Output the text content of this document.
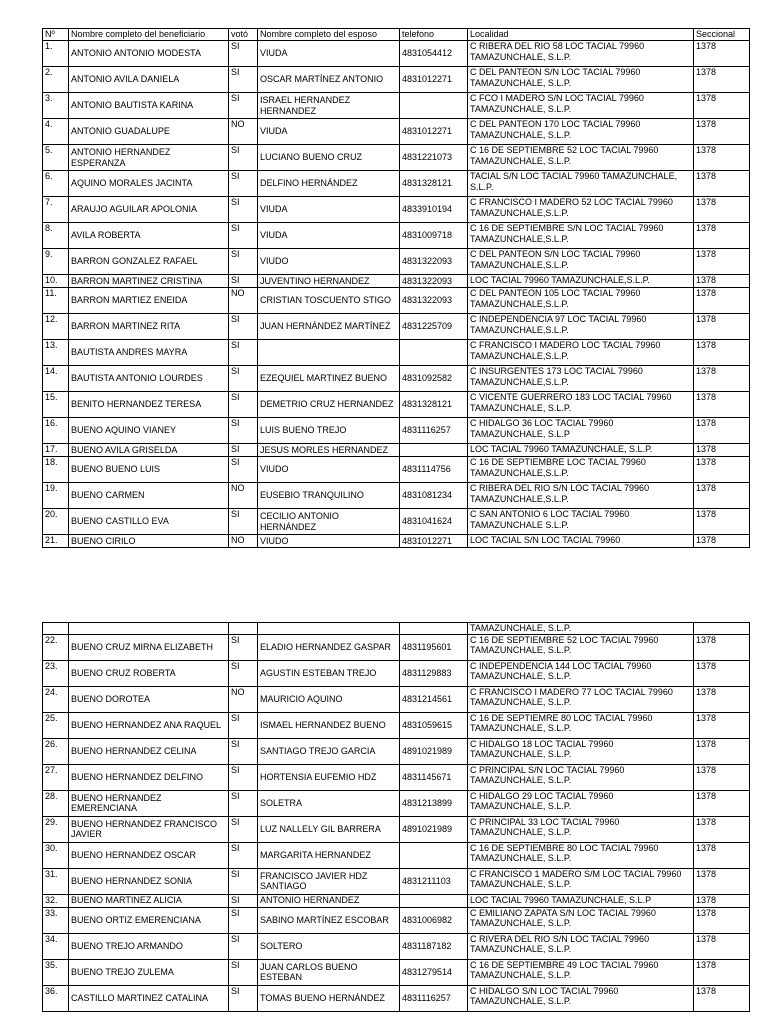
Nº	Nombre completo del beneficiario	votó	Nombre completo del esposo	telefono	Localidad	Seccional
1.	ANTONIO ANTONIO MODESTA	SI	VIUDA	4831054412	C RIBERA DEL RIO 58 LOC TACIAL 79960 TAMAZUNCHALE, S.L.P.	1378
2.	ANTONIO AVILA DANIELA	SI	OSCAR MARTÍNEZ ANTONIO	4831012271	C DEL PANTEON S/N LOC TACIAL 79960 TAMAZUNCHALE, S.L.P.	1378
3.	ANTONIO BAUTISTA KARINA	SI	ISRAEL HERNANDEZ HERNANDEZ		C FCO I MADERO S/N LOC TACIAL 79960 TAMAZUNCHALE, S.L.P.	1378
4.	ANTONIO GUADALUPE	NO	VIUDA	4831012271	C DEL PANTEON 170 LOC TACIAL 79960 TAMAZUNCHALE, S.L.P.	1378
5.	ANTONIO HERNANDEZ ESPERANZA	SI	LUCIANO BUENO CRUZ	4831221073	C 16 DE SEPTIEMBRE 52 LOC TACIAL 79960 TAMAZUNCHALE, S.L.P.	1378
6.	AQUINO MORALES JACINTA	SI	DELFINO HERNÁNDEZ	4831328121	TACIAL S/N LOC TACIAL 79960 TAMAZUNCHALE, S.L.P.	1378
7.	ARAUJO AGUILAR APOLONIA	SI	VIUDA	4833910194	C FRANCISCO I MADERO 52 LOC TACIAL 79960 TAMAZUNCHALE,S.L.P.	1378
8.	AVILA ROBERTA	SI	VIUDA	4831009718	C 16 DE SEPTIEMBRE S/N LOC TACIAL 79960 TAMAZUNCHALE,S.L.P.	1378
9.	BARRON GONZALEZ RAFAEL	SI	VIUDO	4831322093	C DEL PANTEON S/N LOC TACIAL 79960 TAMAZUNCHALE,S.L.P.	1378
10.	BARRON MARTINEZ CRISTINA	SI	JUVENTINO HERNANDEZ	4831322093	LOC TACIAL 79960 TAMAZUNCHALE,S.L.P.	1378
11.	BARRON MARTIEZ ENEIDA	NO	CRISTIAN TOSCUENTO STIGO	4831322093	C DEL PANTEON 105 LOC TACIAL 79960 TAMAZUNCHALE,S.L.P.	1378
12.	BARRON MARTINEZ RITA	SI	JUAN HERNÁNDEZ MARTÍNEZ	4831225709	C INDEPENDENCIA 97 LOC TACIAL 79960 TAMAZUNCHALE,S.L.P.	1378
13.	BAUTISTA ANDRES MAYRA	SI			C FRANCISCO I MADERO LOC TACIAL 79960 TAMAZUNCHALE,S.L.P.	1378
14.	BAUTISTA ANTONIO LOURDES	SI	EZEQUIEL MARTINEZ BUENO	4831092582	C INSURGENTES 173 LOC TACIAL 79960 TAMAZUNCHALE,S.L.P.	1378
15.	BENITO HERNANDEZ TERESA	SI	DEMETRIO CRUZ HERNANDEZ	4831328121	C VICENTE GUERRERO 183 LOC TACIAL 79960 TAMAZUNCHALE, S.L.P.	1378
16.	BUENO AQUINO VIANEY	SI	LUIS BUENO TREJO	4831116257	C HIDALGO 36 LOC TACIAL 79960 TAMAZUNCHALE, S.L.P	1378
17.	BUENO AVILA GRISELDA	SI	JESUS MORLES HERNANDEZ		LOC TACIAL 79960 TAMAZUNCHALE, S.L.P.	1378
18.	BUENO BUENO LUIS	SI	VIUDO	4831114756	C 16 DE SEPTIEMBRE LOC TACIAL 79960 TAMAZUNCHALE,S.L.P.	1378
19.	BUENO CARMEN	NO	EUSEBIO TRANQUILINO	4831081234	C RIBERA DEL RIO S/N LOC TACIAL 79960 TAMAZUNCHALE,S.L.P.	1378
20.	BUENO CASTILLO EVA	SI	CECILIO ANTONIO HERNÁNDEZ	4831041624	C SAN ANTONIO 6 LOC TACIAL 79960 TAMAZUNCHALE S.L.P.	1378
21.	BUENO CIRILO	NO	VIUDO	4831012271	LOC TACIAL S/N LOC TACIAL 79960	1378
					TAMAZUNCHALE, S.L.P.	
22.	BUENO CRUZ MIRNA ELIZABETH	SI	ELADIO HERNANDEZ GASPAR	4831195601	C 16 DE SEPTIEMBRE 52 LOC TACIAL 79960 TAMAZUNCHALE, S.L.P.	1378
23.	BUENO CRUZ ROBERTA	SI	AGUSTIN ESTEBAN TREJO	4831129883	C INDEPENDENCIA 144 LOC TACIAL 79960 TAMAZUNCHALE, S.L.P.	1378
24.	BUENO DOROTEA	NO	MAURICIO AQUINO	4831214561	C FRANCISCO I MADERO 77 LOC TACIAL 79960 TAMAZUNCHALE, S.L.P.	1378
25.	BUENO HERNANDEZ ANA RAQUEL	SI	ISMAEL HERNANDEZ BUENO	4831059615	C 16 DE SEPTIEMRE 80 LOC TACIAL 79960 TAMAZUNCHALE, S.L.P.	1378
26.	BUENO HERNANDEZ CELINA	SI	SANTIAGO TREJO GARCIA	4891021989	C HIDALGO 18 LOC TACIAL 79960 TAMAZUNCHALE, S.L.P.	1378
27.	BUENO HERNANDEZ DELFINO	SI	HORTENSIA EUFEMIO HDZ	4831145671	C PRINCIPAL S/N LOC TACIAL 79960 TAMAZUNCHALE, S.L.P.	1378
28.	BUENO HERNANDEZ EMERENCIANA	SI	SOLETRA	4831213899	C HIDALGO 29 LOC TACIAL 79960 TAMAZUNCHALE, S.L.P.	1378
29.	BUENO HERNANDEZ FRANCISCO JAVIER	SI	LUZ NALLELY GIL BARRERA	4891021989	C PRINCIPAL 33 LOC TACIAL 79960 TAMAZUNCHALE, S.L.P.	1378
30.	BUENO HERNANDEZ OSCAR	SI	MARGARITA HERNANDEZ		C 16 DE SEPTIEMBRE 80 LOC TACIAL 79960 TAMAZUNCHALE, S.L.P.	1378
31.	BUENO HERNANDEZ SONIA	SI	FRANCISCO JAVIER HDZ SANTIAGO	4831211103	C FRANCISCO 1 MADERO S/M LOC TACIAL 79960 TAMAZUNCHALE, S.L.P.	1378
32.	BUENO MARTINEZ ALICIA	SI	ANTONIO HERNANDEZ		LOC TACIAL 79960 TAMAZUNCHALE, S.L.P	1378
33.	BUENO ORTIZ EMERENCIANA	SI	SABINO MARTÍNEZ ESCOBAR	4831006982	C EMILIANO ZAPATA S/N LOC TACIAL 79960 TAMAZUNCHALE, S.L.P.	1378
34.	BUENO TREJO ARMANDO	SI	SOLTERO	4831187182	C RIVERA DEL RIO S/N LOC TACIAL 79960 TAMAZUNCHALE, S.L.P.	1378
35.	BUENO TREJO ZULEMA	SI	JUAN CARLOS BUENO ESTEBAN	4831279514	C 16 DE SEPTIEMBRE 49 LOC TACIAL 79960 TAMAZUNCHALE, S.L.P.	1378
36.	CASTILLO MARTINEZ CATALINA	SI	TOMAS BUENO HERNÁNDEZ	4831116257	C HIDALGO S/N LOC TACIAL 79960 TAMAZUNCHALE, S.L.P.	1378
